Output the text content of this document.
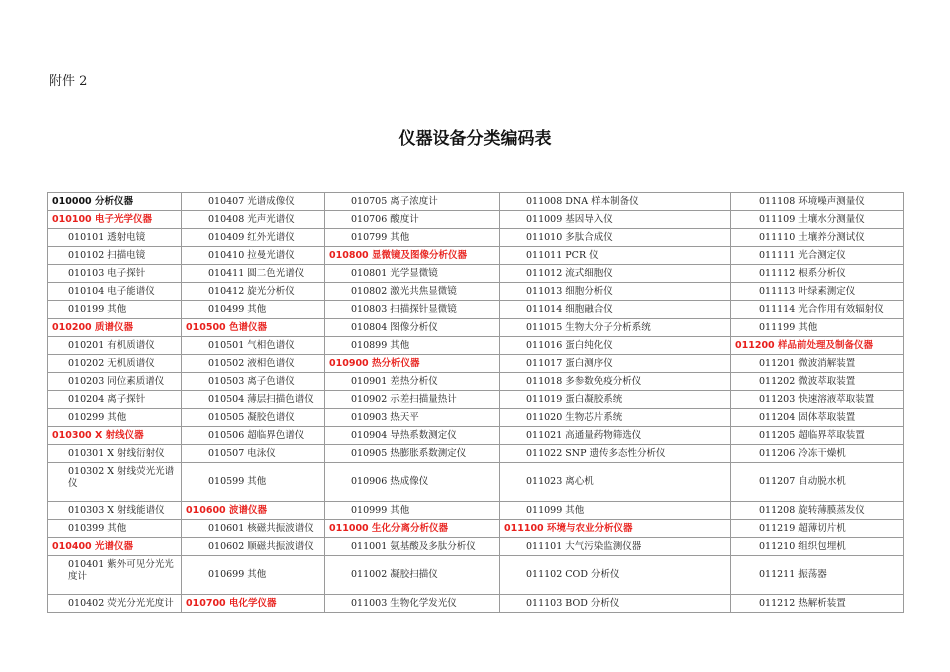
附件 2
仪器设备分类编码表
010000 分析仪器	010407 光谱成像仪	010705 离子浓度计	011008 DNA 样本制备仪	011108 环境噪声测量仪
010100 电子光学仪器	010408 光声光谱仪	010706 酸度计	011009 基因导入仪	011109 土壤水分测量仪
010101 透射电镜	010409 红外光谱仪	010799 其他	011010 多肽合成仪	011110 土壤养分测试仪
010102 扫描电镜	010410 拉曼光谱仪	010800 显微镜及图像分析仪器	011011 PCR 仪	011111 光合测定仪
010103 电子探针	010411 圆二色光谱仪	010801 光学显微镜	011012 流式细胞仪	011112 根系分析仪
010104 电子能谱仪	010412 旋光分析仪	010802 激光共焦显微镜	011013 细胞分析仪	011113 叶绿素测定仪
010199 其他	010499 其他	010803 扫描探针显微镜	011014 细胞融合仪	011114 光合作用有效辐射仪
010200 质谱仪器	010500 色谱仪器	010804 图像分析仪	011015 生物大分子分析系统	011199 其他
010201 有机质谱仪	010501 气相色谱仪	010899 其他	011016 蛋白纯化仪	011200 样品前处理及制备仪器
010202 无机质谱仪	010502 液相色谱仪	010900 热分析仪器	011017 蛋白测序仪	011201 微波消解装置
010203 同位素质谱仪	010503 离子色谱仪	010901 差热分析仪	011018 多参数免疫分析仪	011202 微波萃取装置
010204 离子探针	010504 薄层扫描色谱仪	010902 示差扫描量热计	011019 蛋白凝胶系统	011203 快速溶液萃取装置
010299 其他	010505 凝胶色谱仪	010903 热天平	011020 生物芯片系统	011204 固体萃取装置
010300 X 射线仪器	010506 超临界色谱仪	010904 导热系数测定仪	011021 高通量药物筛选仪	011205 超临界萃取装置
010301 X 射线衍射仪	010507 电泳仪	010905 热膨胀系数测定仪	011022 SNP 遗传多态性分析仪	011206 冷冻干燥机
010302 X 射线荧光光谱仪	010599 其他	010906 热成像仪	011023 离心机	011207 自动脱水机
010303 X 射线能谱仪	010600 波谱仪器	010999 其他	011099 其他	011208 旋转薄膜蒸发仪
010399 其他	010601 核磁共振波谱仪	011000 生化分离分析仪器	011100 环境与农业分析仪器	011219 超薄切片机
010400 光谱仪器	010602 顺磁共振波谱仪	011001 氨基酸及多肽分析仪	011101 大气污染监测仪器	011210 组织包埋机
010401 紫外可见分光光度计	010699 其他	011002 凝胶扫描仪	011102 COD 分析仪	011211 振荡器
010402 荧光分光光度计	010700 电化学仪器	011003 生物化学发光仪	011103 BOD 分析仪	011212 热解析装置
